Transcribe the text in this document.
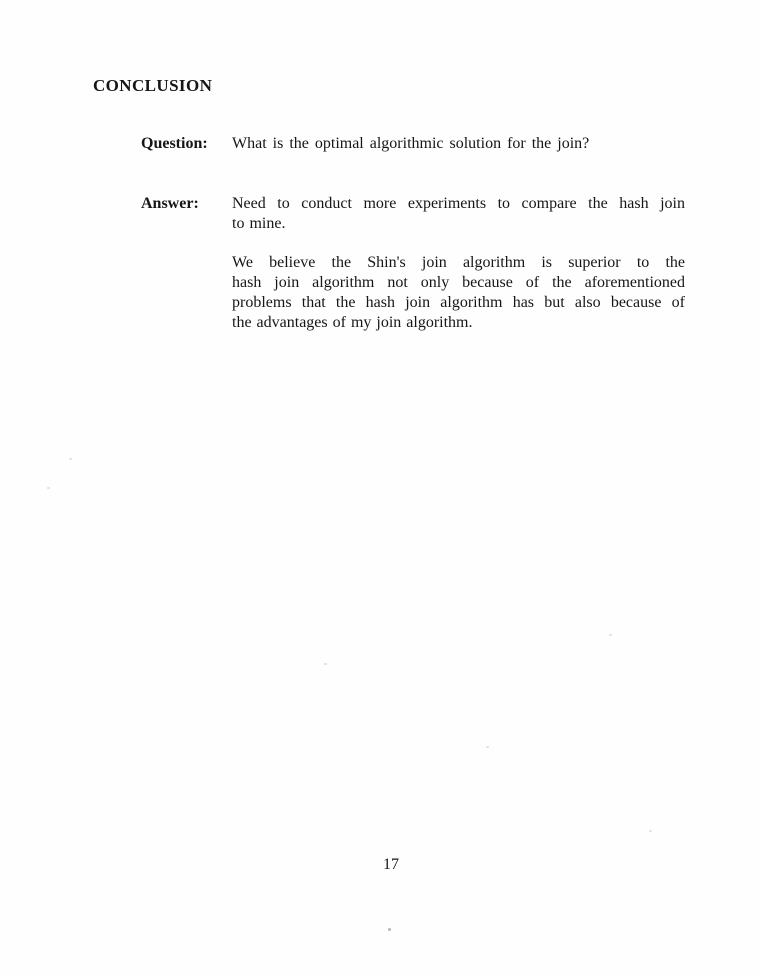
CONCLUSION
Question:	What is the optimal algorithmic solution for the join?
Answer:	Need to conduct more experiments to compare the hash join
to mine.
We believe the Shin's join algorithm is superior to the
hash join algorithm not only because of the aforementioned
problems that the hash join algorithm has but also because of
the advantages of my join algorithm.
17
